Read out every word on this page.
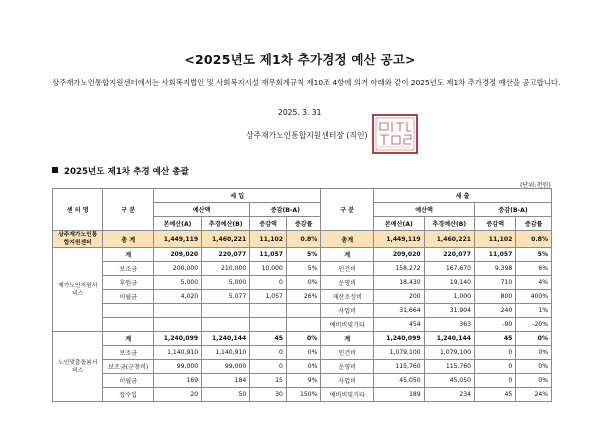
<2025년도 제1차 추가경정 예산 공고>
상주재가노인통합지원센터에서는 사회복지법인 및 사회복지시설 재무회계규칙 제10조 4항에 의거 아래와 같이 2025년도 제1차 추가경정 예산을 공고합니다.
2025. 3. 31
상주재가노인통합지원센터장 (직인)
2025년도 제1차 추경 예산 총괄
(단위:천원)
센 터 명	구 분	세 입				구 분	세 출			
		예산액		증감(B-A)			예산액		증감(B-A)	
		본예산(A)	추경예산(B)	증감액	증감률		본예산(A)	추경예산(B)	증감액	증감률
상주재가노인통합지원센터	총 계	1,449,119	1,460,221	11,102	0.8%	총계	1,449,119	1,460,221	11,102	0.8%
재가노인지원서비스	계	209,020	220,077	11,057	5%	계	209,020	220,077	11,057	5%
	보조금	200,000	210,000	10,000	5%	인건비	158,272	167,670	9,398	6%
	후원금	5,000	5,000	0	0%	운영비	18,430	19,140	710	4%
	이월금	4,020	5,077	1,057	26%	재산조성비	200	1,000	800	400%
						사업비	31,664	31,904	240	1%
						예비비및기타	454	363	-90	-20%
노인맞춤돌봄서비스	계	1,240,099	1,240,144	45	0%	계	1,240,099	1,240,144	45	0%
	보조금	1,140,910	1,140,910	0	0%	인건비	1,079,100	1,079,100	0	0%
	보조금(군청비)	99,000	99,000	0	0%	운영비	115,760	115,760	0	0%
	이월금	169	184	15	9%	사업비	45,050	45,050	0	0%
	잡수입	20	50	30	150%	예비비및기타	189	234	45	24%
